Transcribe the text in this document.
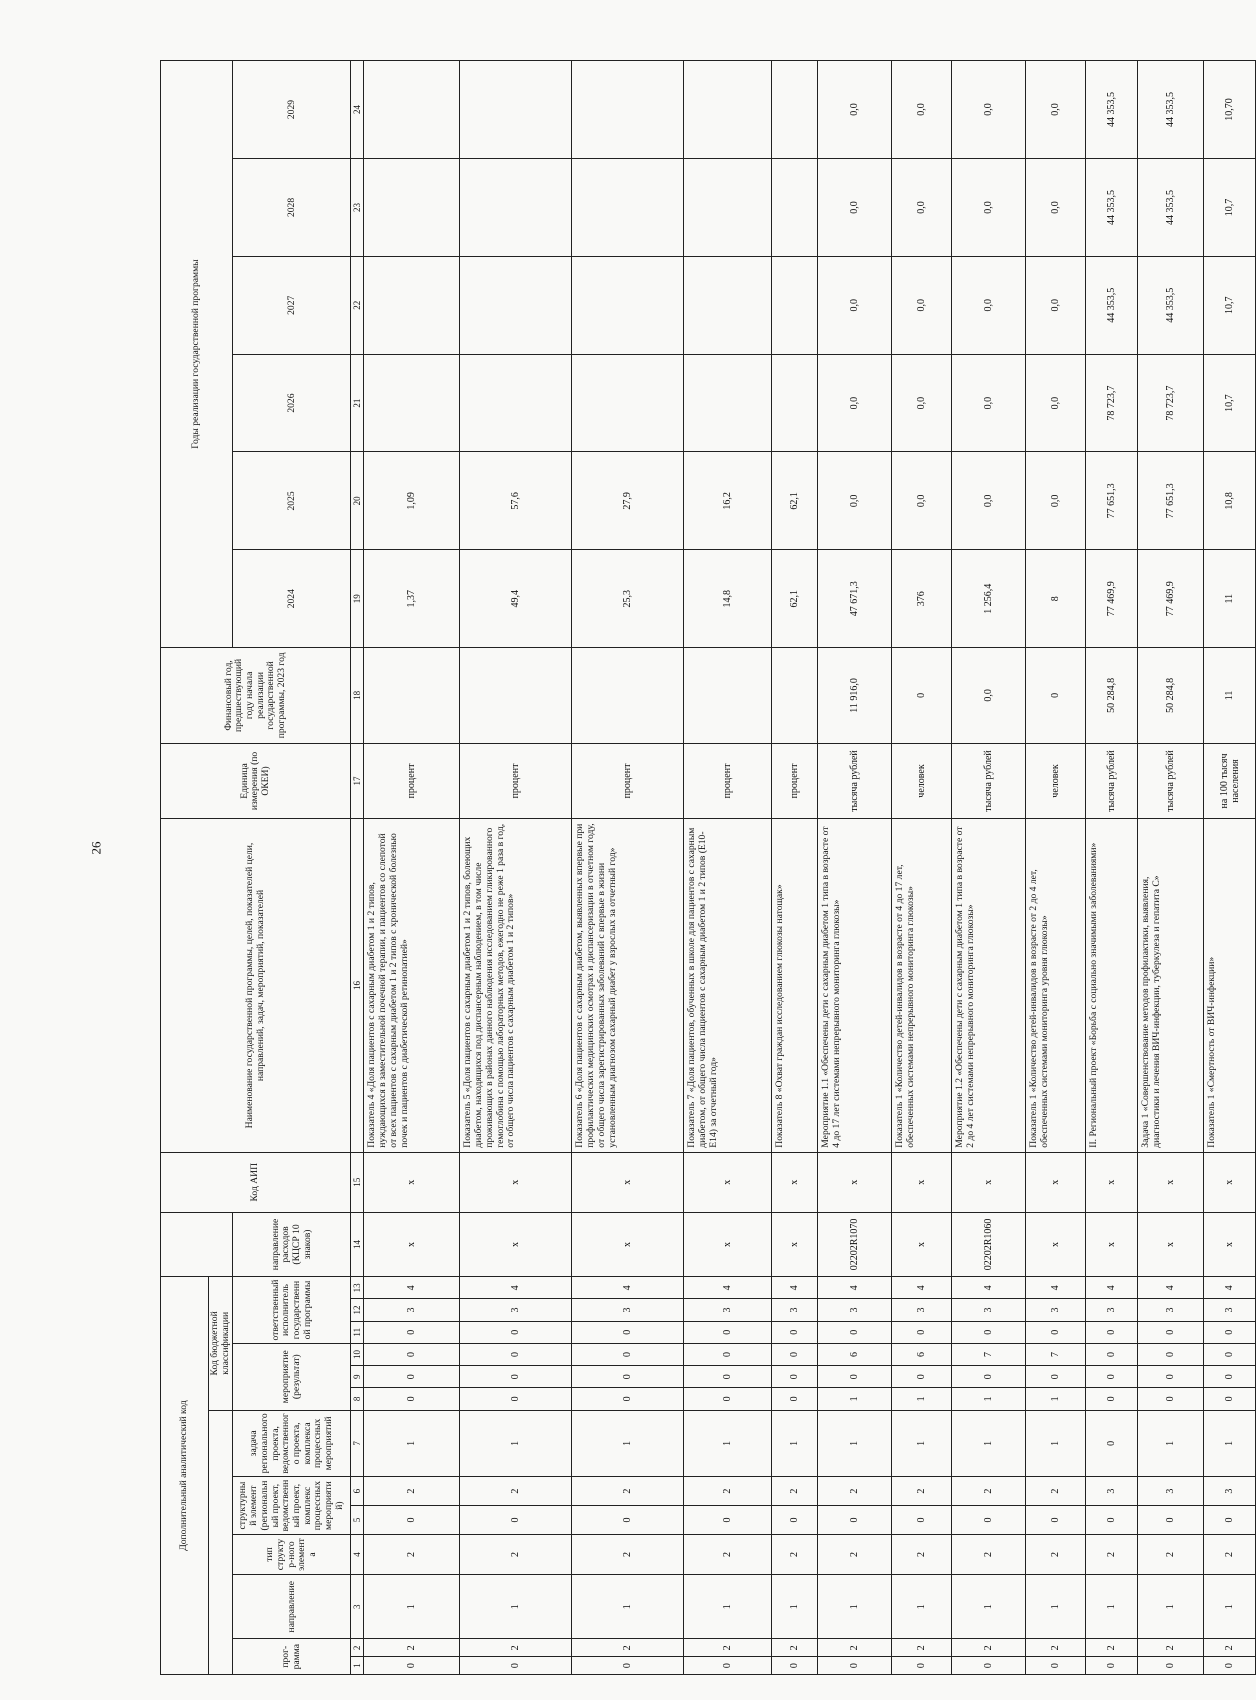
26
Дополнительный аналитический код														Код АИП	Наименование государственной программы, целей, показателей цели, направлений, задач, мероприятий, показателей	Единица измерения (по ОКЕИ)	Финансовый год, предшествующий году начала реализации государственной программы, 2023 год	Годы реализации государственной программы					
							Код бюджетной классификации																
прог-рамма		направление	тип структур-ного элемента	структурный элемент (региональный проект, ведомственный проект, комплекс процессных мероприятий)		задача регионального проекта, ведомственного проекта, комплекса процессных мероприятий	мероприятие (результат)			ответственный исполнитель государственной программы			направление расходов (КЦСР 10 знаков)					2024	2025	2026	2027	2028	2029
1	2	3	4	5	6	7	8	9	10	11	12	13	14	15	16	17	18	19	20	21	22	23	24
0	2	1	2	0	2	1	0	0	0	0	3	4	х	х	Показатель 4 «Доля пациентов с сахарным диабетом 1 и 2 типов, нуждающихся в заместительной почечной терапии, и пациентов со слепотой от всех пациентов с сахарным диабетом 1 и 2 типов с хронической болезнью почек и пациентов с диабетической ретинопатией»	процент		1,37	1,09				
0	2	1	2	0	2	1	0	0	0	0	3	4	х	х	Показатель 5 «Доля пациентов с сахарным диабетом 1 и 2 типов, болеющих диабетом, находящихся под диспансерным наблюдением, в том числе проживающих в районах данного наблюдения исследованием гликированного гемоглобина с помощью лабораторных методов, ежегодно не реже 1 раза в год, от общего числа пациентов с сахарным диабетом 1 и 2 типов»	процент		49,4	57,6				
0	2	1	2	0	2	1	0	0	0	0	3	4	х	х	Показатель 6 «Доля пациентов с сахарным диабетом, выявленных впервые при профилактических медицинских осмотрах и диспансеризации в отчетном году, от общего числа зарегистрированных заболеваний с впервые в жизни установленным диагнозом сахарный диабет у взрослых за отчетный год»	процент		25,3	27,9				
0	2	1	2	0	2	1	0	0	0	0	3	4	х	х	Показатель 7 «Доля пациентов, обученных в школе для пациентов с сахарным диабетом, от общего числа пациентов с сахарным диабетом 1 и 2 типов (Е10-Е14) за отчетный год»	процент		14,8	16,2				
0	2	1	2	0	2	1	0	0	0	0	3	4	х	х	Показатель 8 «Охват граждан исследованием глюкозы натощак»	процент		62,1	62,1				
0	2	1	2	0	2	1	1	0	6	0	3	4	02202R1070	х	Мероприятие 1.1 «Обеспечены дети с сахарным диабетом 1 типа в возрасте от 4 до 17 лет системами непрерывного мониторинга глюкозы»	тысяча рублей	11 916,0	47 671,3	0,0	0,0	0,0	0,0	0,0
0	2	1	2	0	2	1	1	0	6	0	3	4	х	х	Показатель 1 «Количество детей-инвалидов в возрасте от 4 до 17 лет, обеспеченных системами непрерывного мониторинга глюкозы»	человек	0	376	0,0	0,0	0,0	0,0	0,0
0	2	1	2	0	2	1	1	0	7	0	3	4	02202R1060	х	Мероприятие 1.2 «Обеспечены дети с сахарным диабетом 1 типа в возрасте от 2 до 4 лет системами непрерывного мониторинга глюкозы»	тысяча рублей	0,0	1 256,4	0,0	0,0	0,0	0,0	0,0
0	2	1	2	0	2	1	1	0	7	0	3	4	х	х	Показатель 1 «Количество детей-инвалидов в возрасте от 2 до 4 лет, обеспеченных системами мониторинга уровня глюкозы»	человек	0	8	0,0	0,0	0,0	0,0	0,0
0	2	1	2	0	3	0	0	0	0	0	3	4	х	х	II. Региональный проект «Борьба с социально значимыми заболеваниями»	тысяча рублей	50 284,8	77 469,9	77 651,3	78 723,7	44 353,5	44 353,5	44 353,5
0	2	1	2	0	3	1	0	0	0	0	3	4	х	х	Задача 1 «Совершенствование методов профилактики, выявления, диагностики и лечения ВИЧ-инфекции, туберкулеза и гепатита С»	тысяча рублей	50 284,8	77 469,9	77 651,3	78 723,7	44 353,5	44 353,5	44 353,5
0	2	1	2	0	3	1	0	0	0	0	3	4	х	х	Показатель 1 «Смертность от ВИЧ-инфекции»	на 100 тысяч населения	11	11	10,8	10,7	10,7	10,7	10,70
